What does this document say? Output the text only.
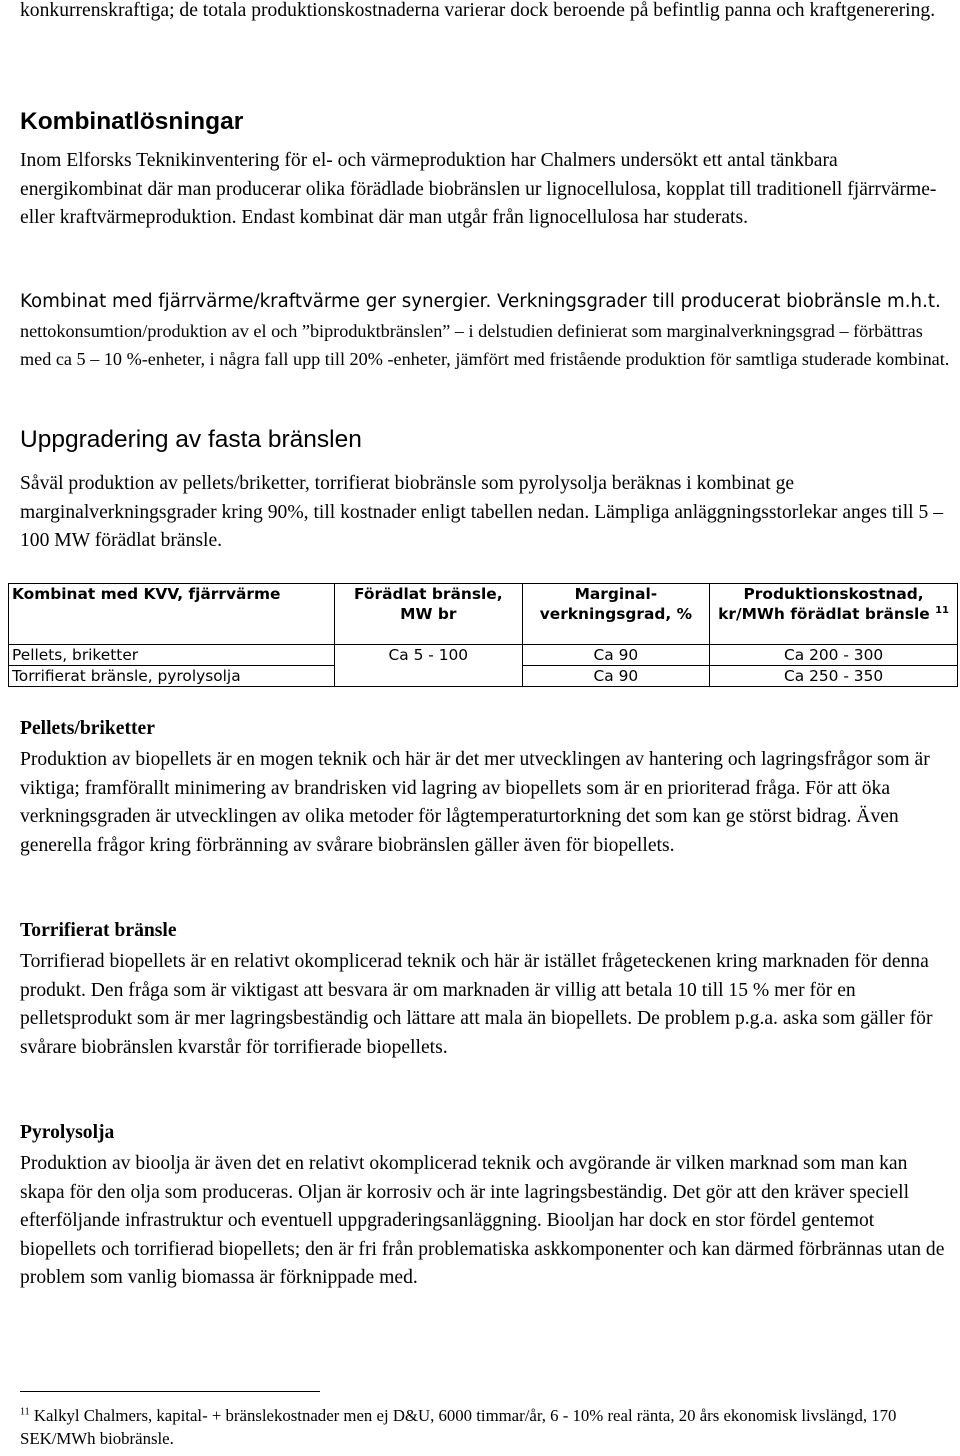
konkurrenskraftiga; de totala produktionskostnaderna varierar dock beroende på befintlig panna och kraftgenerering.

Kombinatlösningar

Inom Elforsks Teknikinventering för el- och värmeproduktion har Chalmers undersökt ett antal tänkbara energikombinat där man producerar olika förädlade biobränslen ur lignocellulosa, kopplat till traditionell fjärrvärme- eller kraftvärmeproduktion. Endast kombinat där man utgår från lignocellulosa har studerats.

Kombinat med fjärrvärme/kraftvärme ger synergier. Verkningsgrader till producerat biobränsle m.h.t. nettokonsumtion/produktion av el och ”biproduktbränslen” – i delstudien definierat som marginalverkningsgrad – förbättras med ca 5 – 10 %-enheter, i några fall upp till 20% -enheter, jämfört med fristående produktion för samtliga studerade kombinat.

Uppgradering av fasta bränslen

Såväl produktion av pellets/briketter, torrifierat biobränsle som pyrolysolja beräknas i kombinat ge marginalverkningsgrader kring 90%, till kostnader enligt tabellen nedan. Lämpliga anläggningsstorlekar anges till 5 – 100 MW förädlat bränsle.

Pellets/briketter

Produktion av biopellets är en mogen teknik och här är det mer utvecklingen av hantering och lagringsfrågor som är viktiga; framförallt minimering av brandrisken vid lagring av biopellets som är en prioriterad fråga. För att öka verkningsgraden är utvecklingen av olika metoder för lågtemperaturtorkning det som kan ge störst bidrag. Även generella frågor kring förbränning av svårare biobränslen gäller även för biopellets.

Torrifierat bränsle

Torrifierad biopellets är en relativt okomplicerad teknik och här är istället frågeteckenen kring marknaden för denna produkt. Den fråga som är viktigast att besvara är om marknaden är villig att betala 10 till 15 % mer för en pelletsprodukt som är mer lagringsbeständig och lättare att mala än biopellets. De problem p.g.a. aska som gäller för svårare biobränslen kvarstår för torrifierade biopellets.

Pyrolysolja

Produktion av bioolja är även det en relativt okomplicerad teknik och avgörande är vilken marknad som man kan skapa för den olja som produceras. Oljan är korrosiv och är inte lagringsbeständig. Det gör att den kräver speciell efterföljande infrastruktur och eventuell uppgraderingsanläggning. Biooljan har dock en stor fördel gentemot biopellets och torrifierad biopellets; den är fri från problematiska askkomponenter och kan därmed förbrännas utan de problem som vanlig biomassa är förknippade med.

Kombinat med KVV, fjärrvärme	Förädlat bränsle, MW br	Marginal-verkningsgrad, %	Produktionskostnad, kr/MWh förädlat bränsle $^{11}$
Pellets, briketter	Ca 5 - 100	Ca 90	Ca 200 - 300
Torrifierat bränsle, pyrolysolja		Ca 90	Ca 250 - 350

$^{11}$ Kalkyl Chalmers, kapital- + bränslekostnader men ej D&U, 6000 timmar/år, 6 - 10% real ränta, 20 års ekonomisk livslängd, 170 SEK/MWh biobränsle.
